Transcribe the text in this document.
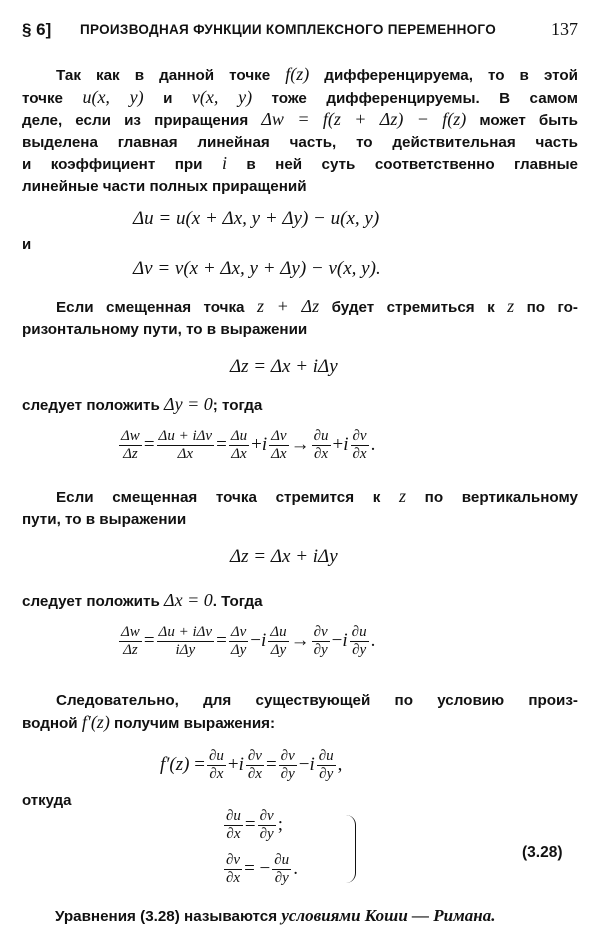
§ 6] ПРОИЗВОДНАЯ ФУНКЦИИ КОМПЛЕКСНОГО ПЕРЕМЕННОГО	137
Так как в данной точке f(z) дифференцируема, то в этой
точке u(x, y) и v(x, y) тоже дифференцируемы. В самом
деле, если из приращения Δw = f(z + Δz) − f(z) может быть
выделена главная линейная часть, то действительная часть
и коэффициент при i в ней суть соответственно главные
линейные части полных приращений
Δu = u(x + Δx, y + Δy) − u(x, y)
и
Δv = v(x + Δx, y + Δy) − v(x, y).
Если смещенная точка z + Δz будет стремиться к z по го-
ризонтальному пути, то в выражении
Δz = Δx + iΔy
следует положить Δy = 0; тогда
$\frac{\Delta w}{\Delta z} = \frac{\text{Δu + iΔv}}{\Delta x} = \frac{\Delta u}{\Delta x} +i \frac{\Delta v}{\Delta x} \to \frac{\partial u}{\partial x} +i \frac{\partial v}{\partial x}$ .
Если смещенная точка стремится к z по вертикальному
пути, то в выражении
Δz = Δx + iΔy
следует положить Δx = 0. Тогда
$\frac{\Delta w}{\Delta z} = \frac{\text{Δu + iΔv}}{\text{iΔy}} = \frac{\Delta v}{\Delta y} -i \frac{\Delta u}{\Delta y} \to \frac{\partial v}{\partial y} -i \frac{\partial u}{\partial y}$ .
Следовательно, для существующей по условию произ-
водной f′(z) получим выражения:
$f'(z) = \frac{\partial u}{\partial x} +i \frac{\partial v}{\partial x} = \frac{\partial v}{\partial y} -i \frac{\partial u}{\partial y}$ ,
откуда
$\frac{\partial u}{\partial x} = \frac{\partial v}{\partial y}$ ;
$\frac{\partial v}{\partial x}$ = − $\frac{\partial u}{\partial y}$ .
(3.28)
Уравнения (3.28) называются условиями Коши — Римана.
